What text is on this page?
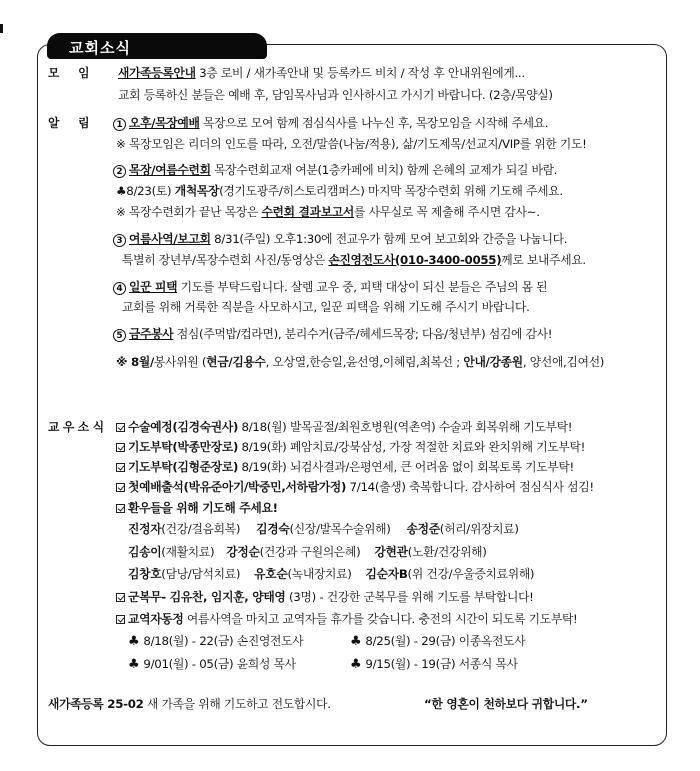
교회소식
모     임 새가족등록안내 3층 로비 / 새가족안내 및 등록카드 비치 / 작성 후 안내위원에게...
교회 등록하신 분들은 예배 후, 담임목사님과 인사하시고 가시기 바랍니다. (2층/목양실)
알     림	1 오후/목장예배 목장으로 모여 함께 점심식사를 나누신 후, 목장모임을 시작해 주세요.
※ 목장모임은 리더의 인도를 따라, 오전/말씀(나눔/적용), 삶/기도제목/선교지/VIP를 위한 기도!
2 목장/여름수련회 목장수련회교재 여분(1층카페에 비치) 함께 은혜의 교제가 되길 바람.
♣8/23(토) 개척목장(경기도광주/히스토리캠퍼스) 마지막 목장수련회 위해 기도해 주세요.
※ 목장수련회가 끝난 목장은 수련회 결과보고서를 사무실로 꼭 제출해 주시면 감사~.
3 여름사역/보고회 8/31(주일) 오후1:30에 전교우가 함께 모여 보고회와 간증을 나눕니다.
특별히 장년부/목장수련회 사진/동영상은 손진영전도사(010-3400-0055)께로 보내주세요.
4 일꾼 피택 기도를 부탁드립니다. 살렘 교우 중, 피택 대상이 되신 분들은 주님의 몸 된
교회를 위해 거룩한 직분을 사모하시고, 일꾼 피택을 위해 기도해 주시기 바랍니다.
5 금주봉사 점심(주먹밥/컵라면), 분리수거(금주/헤세드목장; 다음/청년부) 섬김에 감사!
※ 8월/봉사위원 (현금/김용수, 오상열,한승일,윤선영,이혜림,최복선 ; 안내/강종원, 양선애,김여선)
교 우 소 식	수술예정(김경숙권사) 8/18(월) 발목골절/최원호병원(역촌역) 수술과 회복위해 기도부탁!
기도부탁(박종만장로) 8/19(화) 폐암치료/강북삼성, 가장 적절한 치료와 완치위해 기도부탁!
기도부탁(김형준장로) 8/19(화) 뇌검사결과/은평연세, 큰 어려움 없이 회복토록 기도부탁!
첫예배출석(박유준아기/박중민,서하람가정) 7/14(출생) 축복합니다. 감사하여 점심식사 섬김!
환우들을 위해 기도해 주세요!
진정자(건강/걸음회복) 김경숙(신장/발목수술위해) 송정준(허리/위장치료)
김송이(재활치료) 강정순(건강과 구원의은혜) 강현관(노환/건강위해)
김창호(담낭/담석치료) 유호순(녹내장치료) 김순자B(위 건강/우울증치료위해)
군복무- 김유찬, 임지훈, 양태영 (3명) - 건강한 군복무를 위해 기도를 부탁합니다!
교역자동정 여름사역을 마치고 교역자들 휴가를 갖습니다. 충전의 시간이 되도록 기도부탁!
♣ 8/18(월) - 22(금) 손진영전도사	♣ 8/25(월) - 29(금) 이종옥전도사
♣ 9/01(월) - 05(금) 윤희성 목사	♣ 9/15(월) - 19(금) 서종식 목사
새가족등록 25-02 새 가족을 위해 기도하고 전도합시다.	“한 영혼이 천하보다 귀합니다.”
